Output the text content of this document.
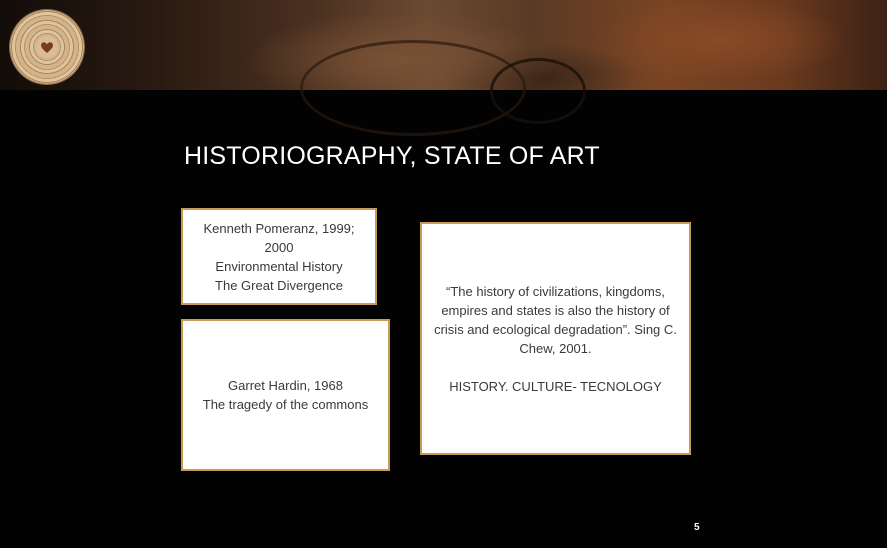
HISTORIOGRAPHY, STATE OF ART
Kenneth Pomeranz, 1999;
2000
Environmental History
The Great Divergence
Garret Hardin, 1968
The tragedy of the commons
“The history of civilizations, kingdoms,
empires and states is also the history of
crisis and ecological degradation”. Sing C.
Chew, 2001.
HISTORY. CULTURE- TECNOLOGY
5
